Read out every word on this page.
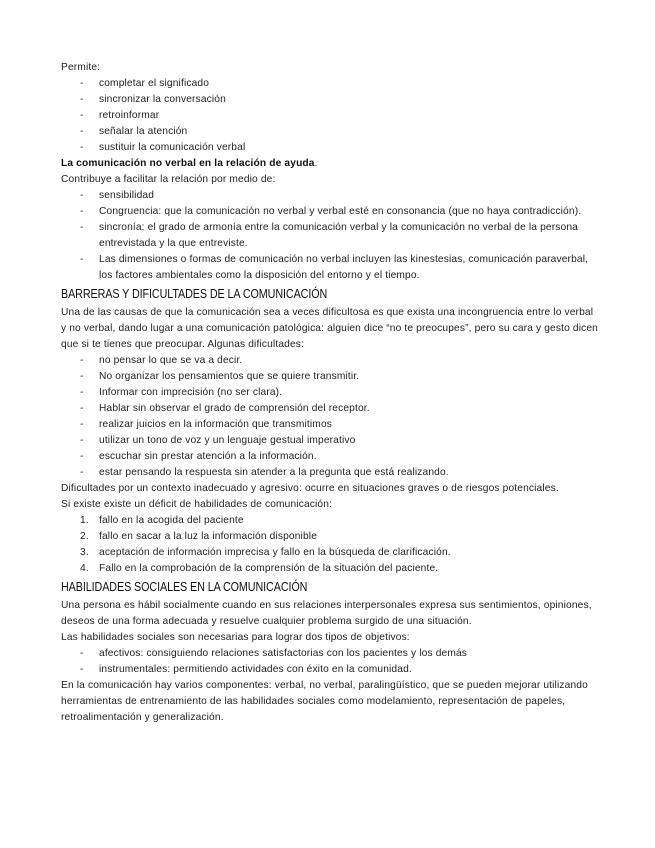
Permite:

- completar el significado
- sincronizar la conversación
- retroinformar
- señalar la atención
- sustituir la comunicación verbal

La comunicación no verbal en la relación de ayuda.

Contribuye a facilitar la relación por medio de:

- sensibilidad
- Congruencia: que la comunicación no verbal y verbal esté en consonancia (que no haya contradicción).
- sincronía: el grado de armonía entre la comunicación verbal y la comunicación no verbal de la persona entrevistada y la que entreviste.
- Las dimensiones o formas de comunicación no verbal incluyen las kinestesias, comunicación paraverbal, los factores ambientales como la disposición del entorno y el tiempo.
BARRERAS Y DIFICULTADES DE LA COMUNICACIÓN

Una de las causas de que la comunicación sea a veces dificultosa es que exista una incongruencia entre lo verbal y no verbal, dando lugar a una comunicación patológica: alguien dice “no te preocupes”, pero su cara y gesto dicen que si te tienes que preocupar. Algunas dificultades:

- no pensar lo que se va a decir.
- No organizar los pensamientos que se quiere transmitir.
- Informar con imprecisión (no ser clara).
- Hablar sin observar el grado de comprensión del receptor.
- realizar juicios en la información que transmitimos
- utilizar un tono de voz y un lenguaje gestual imperativo
- escuchar sin prestar atención a la información.
- estar pensando la respuesta sin atender a la pregunta que está realizando.

Dificultades por un contexto inadecuado y agresivo: ocurre en situaciones graves o de riesgos potenciales.

Si existe existe un déficit de habilidades de comunicación:

1. fallo en la acogida del paciente
2. fallo en sacar a la luz la información disponible
3. aceptación de información imprecisa y fallo en la búsqueda de clarificación.
4. Fallo en la comprobación de la comprensión de la situación del paciente.
HABILIDADES SOCIALES EN LA COMUNICACIÓN

Una persona es hábil socialmente cuando en sus relaciones interpersonales expresa sus sentimientos, opiniones, deseos de una forma adecuada y resuelve cualquier problema surgido de una situación.

Las habilidades sociales son necesarias para lograr dos tipos de objetivos:

- afectivos: consiguiendo relaciones satisfactorias con los pacientes y los demás
- instrumentales: permitiendo actividades con éxito en la comunidad.

En la comunicación hay varios componentes: verbal, no verbal, paralingüístico, que se pueden mejorar utilizando herramientas de entrenamiento de las habilidades sociales como modelamiento, representación de papeles, retroalimentación y generalización.
